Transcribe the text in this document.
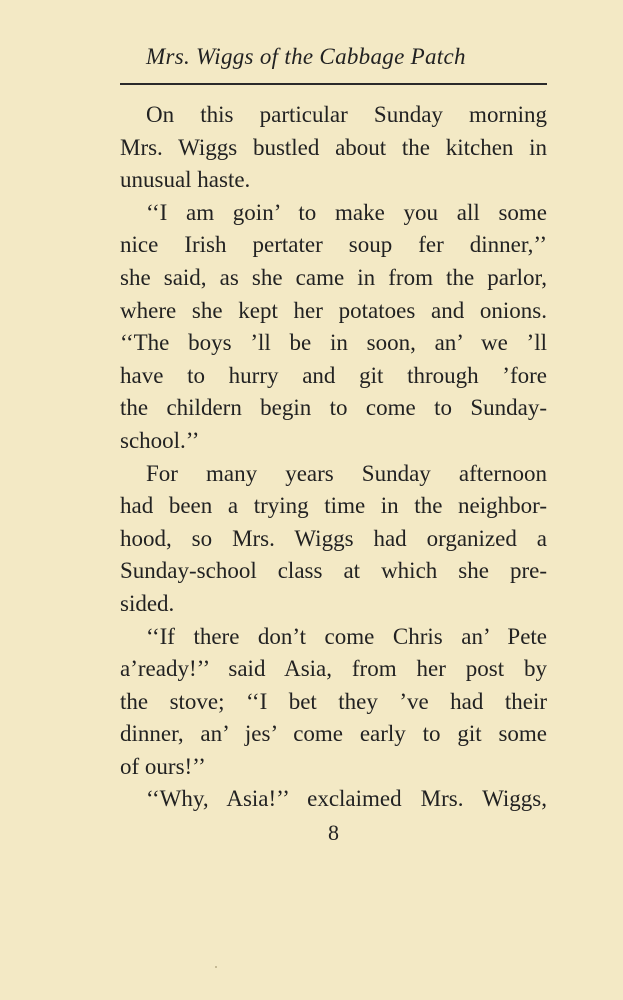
Mrs. Wiggs of the Cabbage Patch
On this particular Sunday morning
Mrs. Wiggs bustled about the kitchen in
unusual haste.
‘‘I am goin’ to make you all some
nice Irish pertater soup fer dinner,’’
she said, as she came in from the parlor,
where she kept her potatoes and onions.
‘‘The boys ’ll be in soon, an’ we ’ll
have to hurry and git through ’fore
the childern begin to come to Sunday-
school.’’
For many years Sunday afternoon
had been a trying time in the neighbor-
hood, so Mrs. Wiggs had organized a
Sunday-school class at which she pre-
sided.
‘‘If there don’t come Chris an’ Pete
a’ready!’’ said Asia, from her post by
the stove; ‘‘I bet they ’ve had their
dinner, an’ jes’ come early to git some
of ours!’’
‘‘Why, Asia!’’ exclaimed Mrs. Wiggs,
8
